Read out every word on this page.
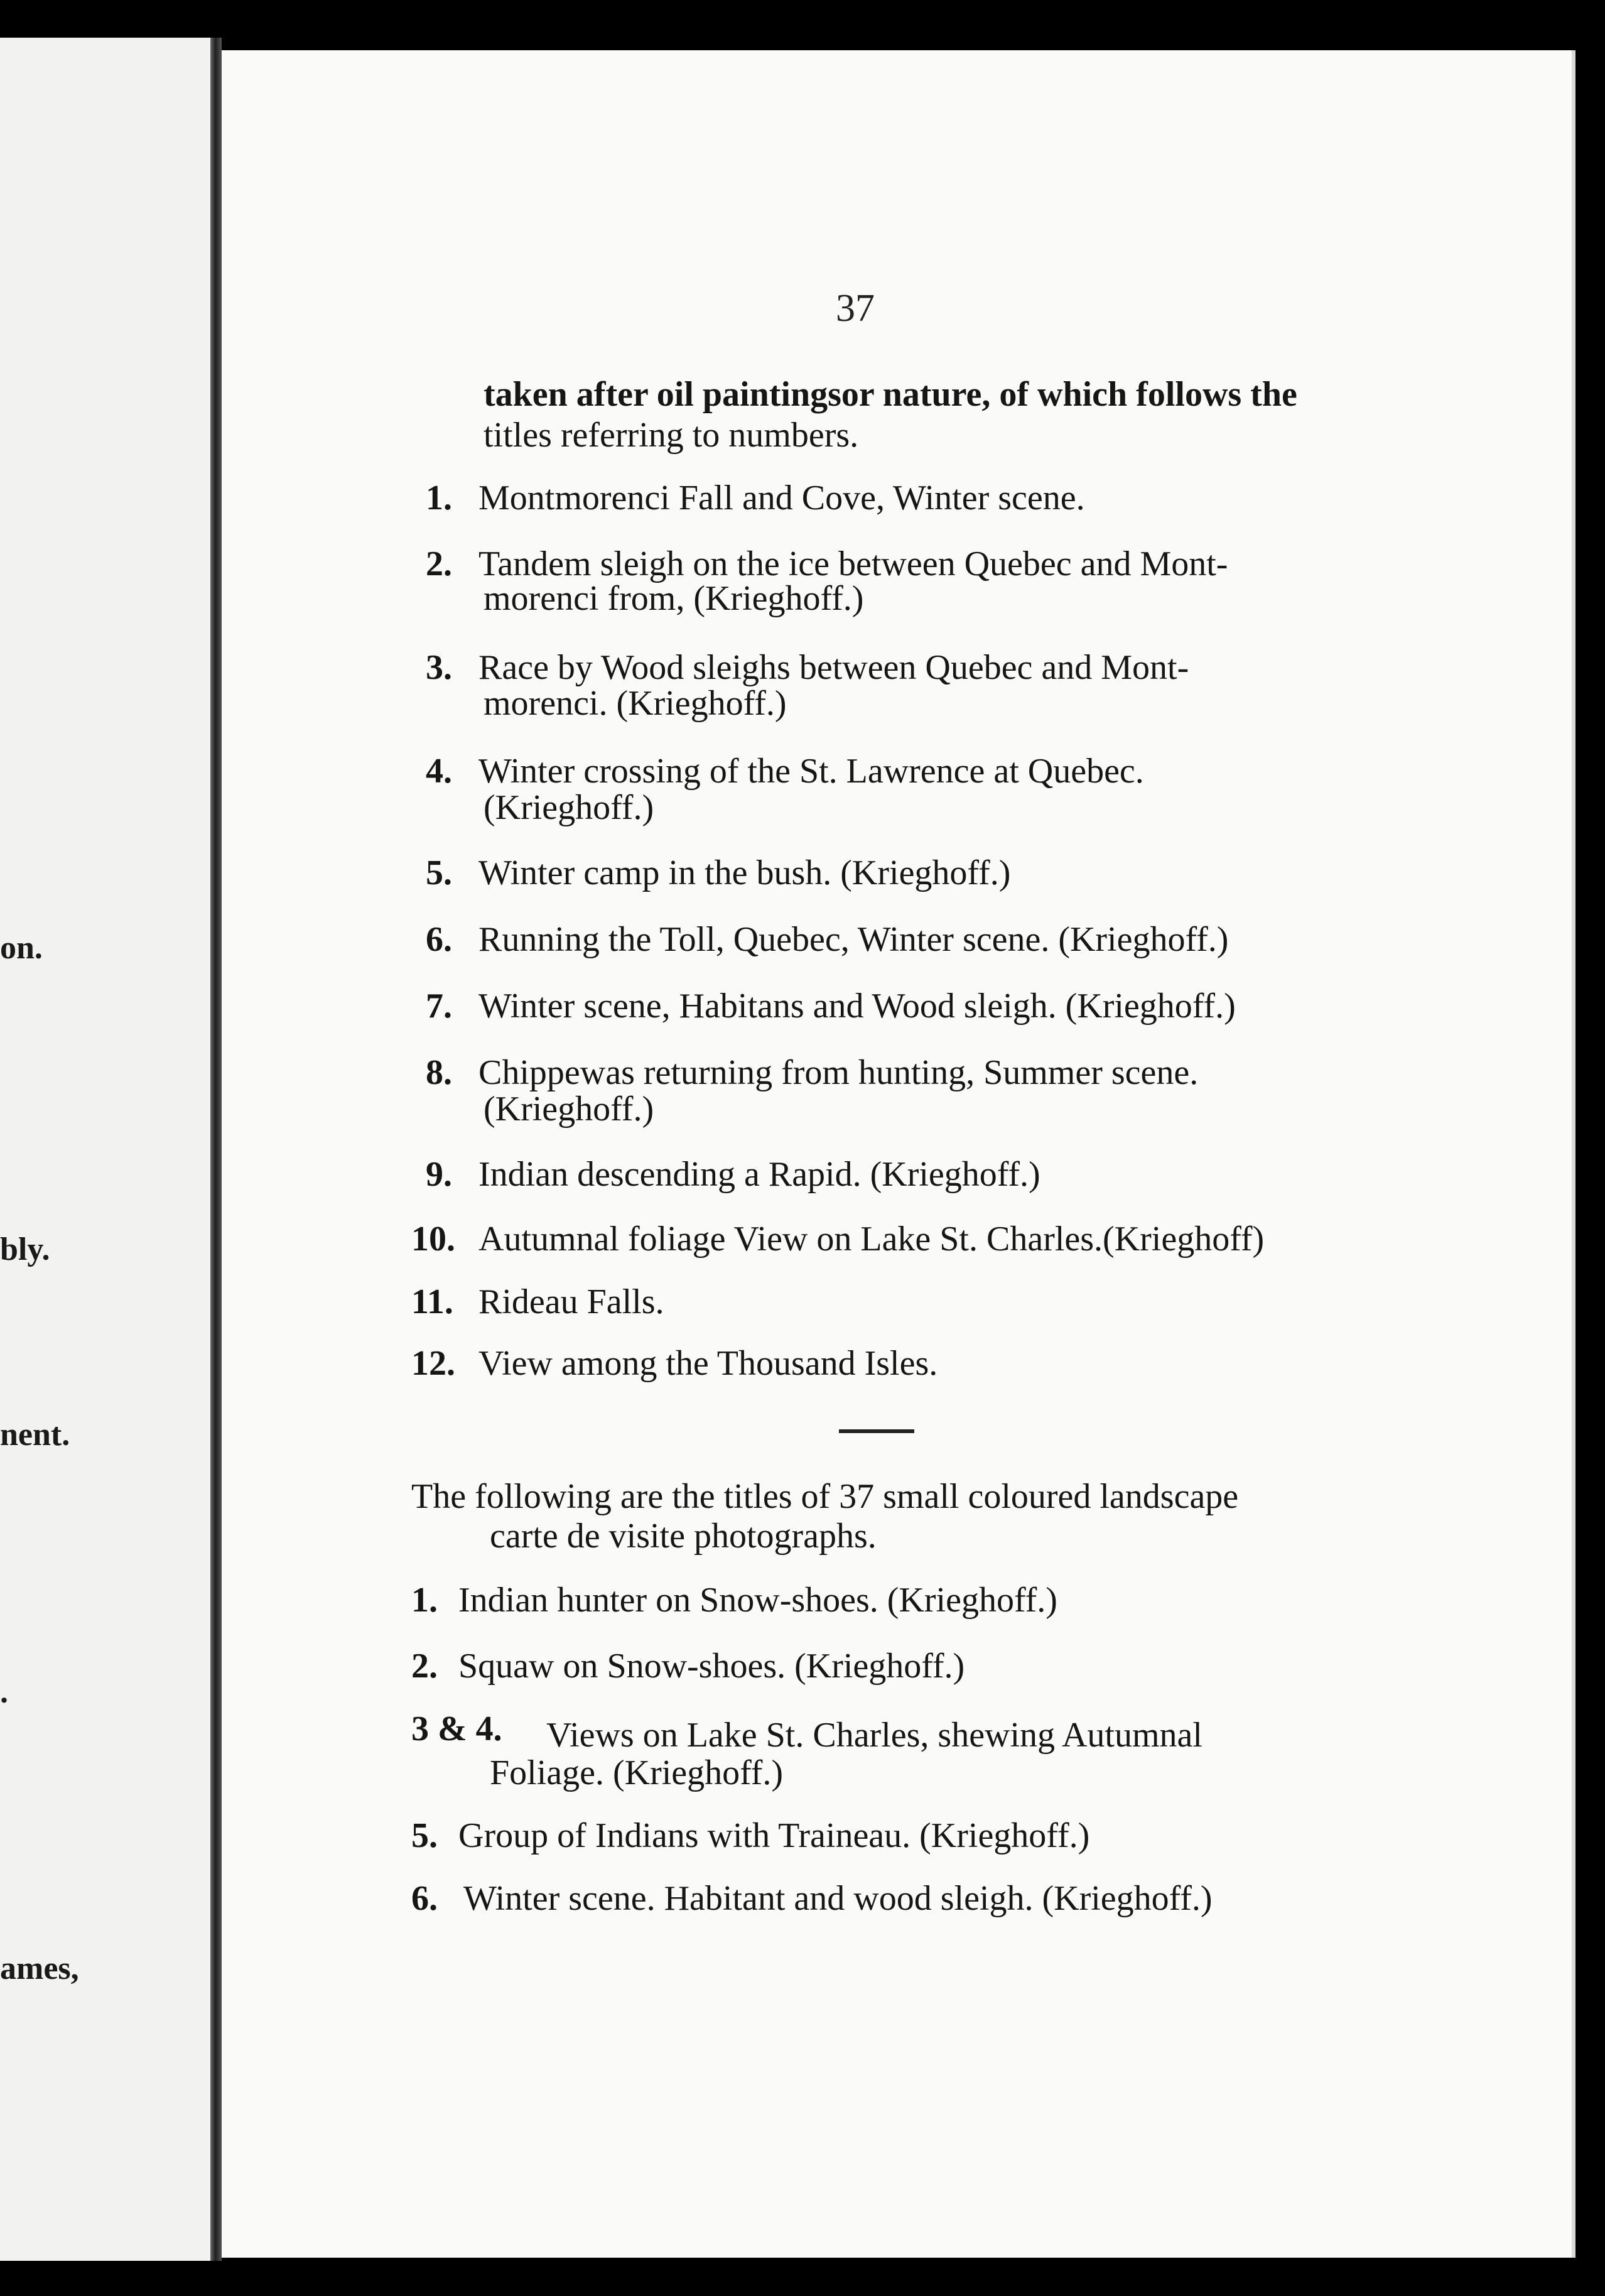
on.
bly.
nent.
.
ames,
37
taken after oil paintingsor nature, of which follows the
titles referring to numbers.
1. Montmorenci Fall and Cove, Winter scene.
2. Tandem sleigh on the ice between Quebec and Mont-
morenci from, (Krieghoff.)
3. Race by Wood sleighs between Quebec and Mont-
morenci. (Krieghoff.)
4. Winter crossing of the St. Lawrence at Quebec.
(Krieghoff.)
5. Winter camp in the bush. (Krieghoff.)
6. Running the Toll, Quebec, Winter scene. (Krieghoff.)
7. Winter scene, Habitans and Wood sleigh. (Krieghoff.)
8. Chippewas returning from hunting, Summer scene.
(Krieghoff.)
9. Indian descending a Rapid. (Krieghoff.)
10. Autumnal foliage View on Lake St. Charles.(Krieghoff)
11. Rideau Falls.
12. View among the Thousand Isles.
The following are the titles of 37 small coloured landscape
carte de visite photographs.
1. Indian hunter on Snow-shoes. (Krieghoff.)
2. Squaw on Snow-shoes. (Krieghoff.)
3 & 4. Views on Lake St. Charles, shewing Autumnal
Foliage. (Krieghoff.)
5. Group of Indians with Traineau. (Krieghoff.)
6. Winter scene. Habitant and wood sleigh. (Krieghoff.)
